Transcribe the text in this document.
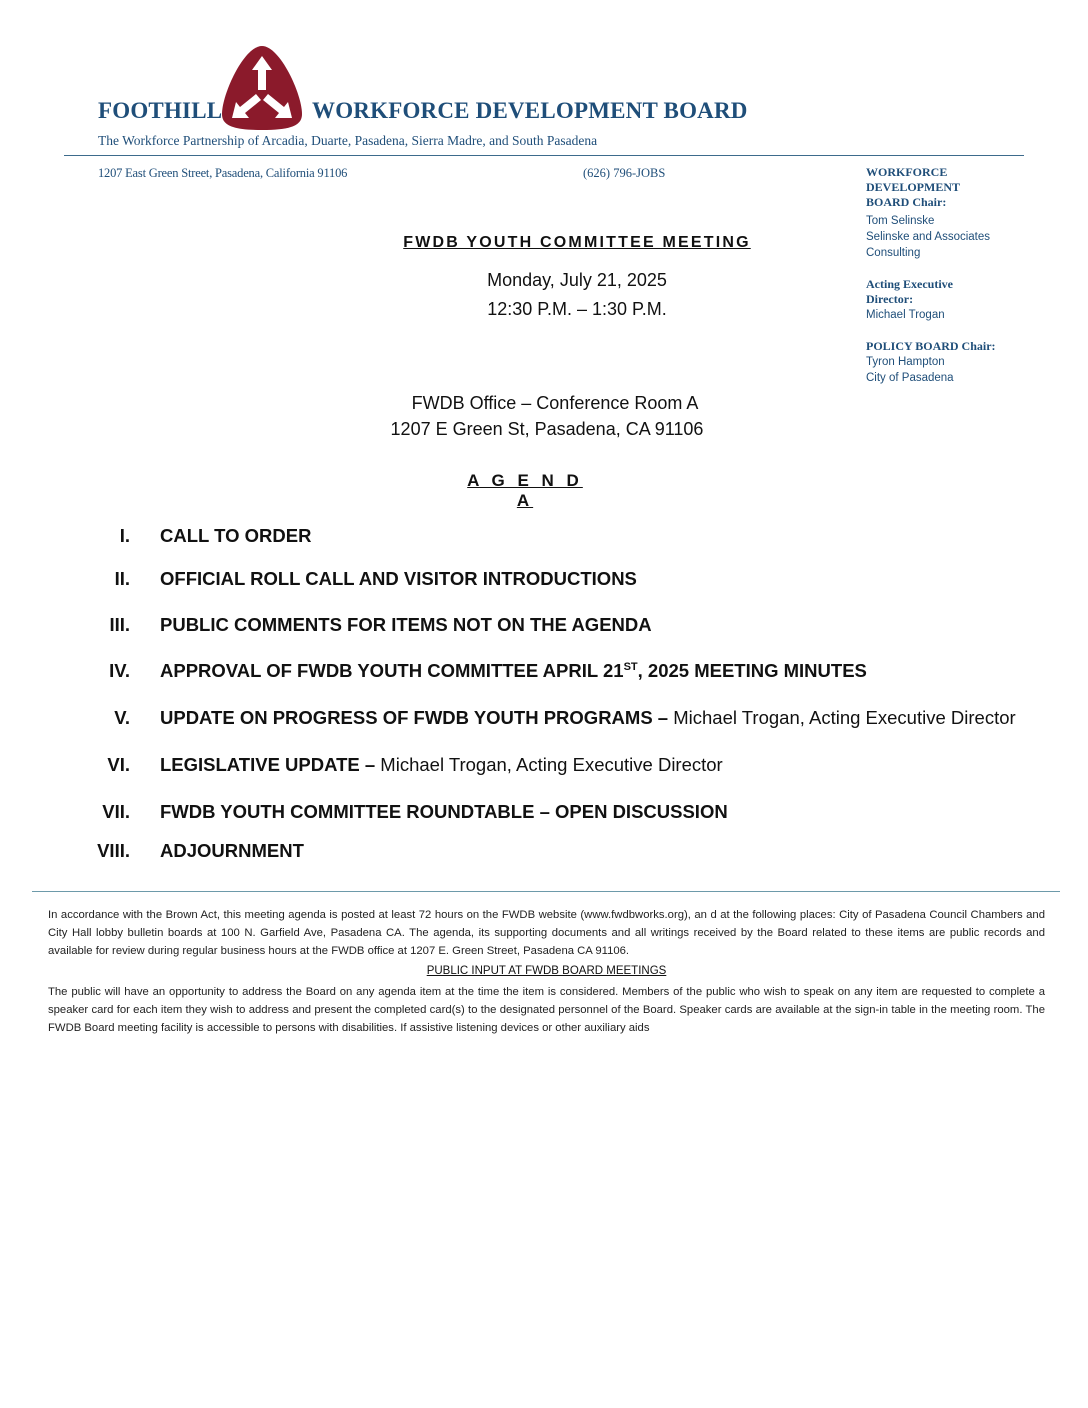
FOOTHILL	WORKFORCE DEVELOPMENT BOARD
The Workforce Partnership of Arcadia, Duarte, Pasadena, Sierra Madre, and South Pasadena
1207 East Green Street, Pasadena, California 91106	(626) 796-JOBS	WORKFORCE
DEVELOPMENT
BOARD Chair:
Tom Selinske
Selinske and Associates
Consulting
Acting Executive
Director:
Michael Trogan
POLICY BOARD Chair:
Tyron Hampton
City of Pasadena
FWDB YOUTH COMMITTEE MEETING
Monday, July 21, 2025
12:30 P.M. – 1:30 P.M.
FWDB Office – Conference Room A
1207 E Green St, Pasadena, CA 91106
A G E N D A
I. CALL TO ORDER
II. OFFICIAL ROLL CALL AND VISITOR INTRODUCTIONS
III. PUBLIC COMMENTS FOR ITEMS NOT ON THE AGENDA
IV. APPROVAL OF FWDB YOUTH COMMITTEE APRIL 21ST, 2025 MEETING MINUTES
V. UPDATE ON PROGRESS OF FWDB YOUTH PROGRAMS – Michael Trogan, Acting Executive Director
VI. LEGISLATIVE UPDATE – Michael Trogan, Acting Executive Director
VII. FWDB YOUTH COMMITTEE ROUNDTABLE – OPEN DISCUSSION
VIII. ADJOURNMENT
In accordance with the Brown Act, this meeting agenda is posted at least 72 hours on the FWDB website (www.fwdbworks.org), an d at the following places: City of Pasadena Council Chambers and City Hall lobby bulletin boards at 100 N. Garfield Ave, Pasadena CA. The agenda, its supporting documents and all writings received by the Board related to these items are public records and available for review during regular business hours at the FWDB office at 1207 E. Green Street, Pasadena CA 91106.
PUBLIC INPUT AT FWDB BOARD MEETINGS
The public will have an opportunity to address the Board on any agenda item at the time the item is considered. Members of the public who wish to speak on any item are requested to complete a speaker card for each item they wish to address and present the completed card(s) to the designated personnel of the Board. Speaker cards are available at the sign-in table in the meeting room. The FWDB Board meeting facility is accessible to persons with disabilities. If assistive listening devices or other auxiliary aids
